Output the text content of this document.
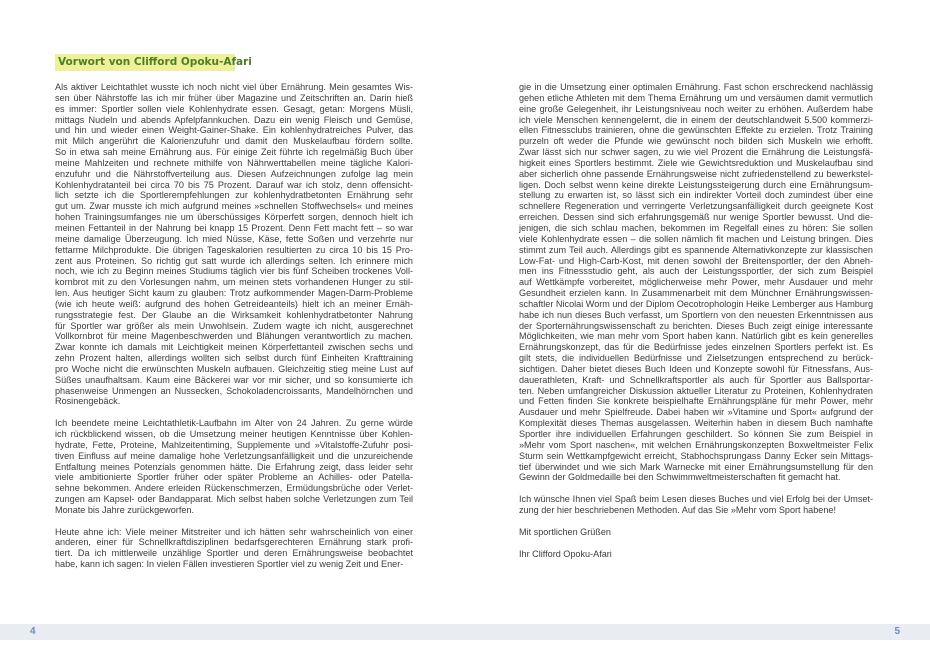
Vorwort von Clifford Opoku-Afari
Als aktiver Leichtathlet wusste ich noch nicht viel über Ernährung. Mein gesamtes Wis-
sen über Nährstoffe las ich mir früher über Magazine und Zeitschriften an. Darin hieß
es immer: Sportler sollen viele Kohlenhydrate essen. Gesagt, getan: Morgens Müsli,
mittags Nudeln und abends Apfelpfannkuchen. Dazu ein wenig Fleisch und Gemüse,
und hin und wieder einen Weight-Gainer-Shake. Ein kohlenhydratreiches Pulver, das
mit Milch angerührt die Kalorienzufuhr und damit den Muskelaufbau fördern sollte.
So in etwa sah meine Ernährung aus. Für einige Zeit führte ich regelmäßig Buch über
meine Mahlzeiten und rechnete mithilfe von Nährwerttabellen meine tägliche Kalori-
enzufuhr und die Nährstoffverteilung aus. Diesen Aufzeichnungen zufolge lag mein
Kohlenhydratanteil bei circa 70 bis 75 Prozent. Darauf war ich stolz, denn offensicht-
lich setzte ich die Sportlerempfehlungen zur kohlenhydratbetonten Ernährung sehr
gut um. Zwar musste ich mich aufgrund meines »schnellen Stoffwechsels« und meines
hohen Trainingsumfanges nie um überschüssiges Körperfett sorgen, dennoch hielt ich
meinen Fettanteil in der Nahrung bei knapp 15 Prozent. Denn Fett macht fett – so war
meine damalige Überzeugung. Ich mied Nüsse, Käse, fette Soßen und verzehrte nur
fettarme Milchprodukte. Die übrigen Tageskalorien resultierten zu circa 10 bis 15 Pro-
zent aus Proteinen. So richtig gut satt wurde ich allerdings selten. Ich erinnere mich
noch, wie ich zu Beginn meines Studiums täglich vier bis fünf Scheiben trockenes Voll-
kornbrot mit zu den Vorlesungen nahm, um meinen stets vorhandenen Hunger zu stil-
len. Aus heutiger Sicht kaum zu glauben: Trotz aufkommender Magen-Darm-Probleme
(wie ich heute weiß: aufgrund des hohen Getreideanteils) hielt ich an meiner Ernäh-
rungsstrategie fest. Der Glaube an die Wirksamkeit kohlenhydratbetonter Nahrung
für Sportler war größer als mein Unwohlsein. Zudem wagte ich nicht, ausgerechnet
Vollkornbrot für meine Magenbeschwerden und Blähungen verantwortlich zu machen.
Zwar konnte ich damals mit Leichtigkeit meinen Körperfettanteil zwischen sechs und
zehn Prozent halten, allerdings wollten sich selbst durch fünf Einheiten Krafttraining
pro Woche nicht die erwünschten Muskeln aufbauen. Gleichzeitig stieg meine Lust auf
Süßes unaufhaltsam. Kaum eine Bäckerei war vor mir sicher, und so konsumierte ich
phasenweise Unmengen an Nussecken, Schokoladencroissants, Mandelhörnchen und
Rosinengebäck.
Ich beendete meine Leichtathletik-Laufbahn im Alter von 24 Jahren. Zu gerne würde
ich rückblickend wissen, ob die Umsetzung meiner heutigen Kenntnisse über Kohlen-
hydrate, Fette, Proteine, Mahlzeitentiming, Supplemente und »Vitalstoffe-Zufuhr posi-
tiven Einfluss auf meine damalige hohe Verletzungsanfälligkeit und die unzureichende
Entfaltung meines Potenzials genommen hätte. Die Erfahrung zeigt, dass leider sehr
viele ambitionierte Sportler früher oder später Probleme an Achilles- oder Patella-
sehne bekommen. Andere erleiden Rückenschmerzen, Ermüdungsbrüche oder Verlet-
zungen am Kapsel- oder Bandapparat. Mich selbst haben solche Verletzungen zum Teil
Monate bis Jahre zurückgeworfen.
Heute ahne ich: Viele meiner Mitstreiter und ich hätten sehr wahrscheinlich von einer
anderen, einer für Schnellkraftdisziplinen bedarfsgerechteren Ernährung stark profi-
tiert. Da ich mittlerweile unzählige Sportler und deren Ernährungsweise beobachtet
habe, kann ich sagen: In vielen Fällen investieren Sportler viel zu wenig Zeit und Ener-
gie in die Umsetzung einer optimalen Ernährung. Fast schon erschreckend nachlässig
gehen etliche Athleten mit dem Thema Ernährung um und versäumen damit vermutlich
eine große Gelegenheit, ihr Leistungsniveau noch weiter zu erhöhen. Außerdem habe
ich viele Menschen kennengelernt, die in einem der deutschlandweit 5.500 kommerzi-
ellen Fitnessclubs trainieren, ohne die gewünschten Effekte zu erzielen. Trotz Training
purzeln oft weder die Pfunde wie gewünscht noch bilden sich Muskeln wie erhofft.
Zwar lässt sich nur schwer sagen, zu wie viel Prozent die Ernährung die Leistungsfä-
higkeit eines Sportlers bestimmt. Ziele wie Gewichtsreduktion und Muskelaufbau sind
aber sicherlich ohne passende Ernährungsweise nicht zufriedenstellend zu bewerkstel-
ligen. Doch selbst wenn keine direkte Leistungssteigerung durch eine Ernährungsum-
stellung zu erwarten ist, so lässt sich ein indirekter Vorteil doch zumindest über eine
schnellere Regeneration und verringerte Verletzungsanfälligkeit durch geeignete Kost
erreichen. Dessen sind sich erfahrungsgemäß nur wenige Sportler bewusst. Und die-
jenigen, die sich schlau machen, bekommen im Regelfall eines zu hören: Sie sollen
viele Kohlenhydrate essen – die sollen nämlich fit machen und Leistung bringen. Dies
stimmt zum Teil auch. Allerdings gibt es spannende Alternativkonzepte zur klassischen
Low-Fat- und High-Carb-Kost, mit denen sowohl der Breitensportler, der den Abneh-
men ins Fitnessstudio geht, als auch der Leistungssportler, der sich zum Beispiel
auf Wettkämpfe vorbereitet, möglicherweise mehr Power, mehr Ausdauer und mehr
Gesundheit erzielen kann. In Zusammenarbeit mit dem Münchner Ernährungswissen-
schaftler Nicolai Worm und der Diplom Oecotrophologin Heike Lemberger aus Hamburg
habe ich nun dieses Buch verfasst, um Sportlern von den neuesten Erkenntnissen aus
der Sporternährungswissenschaft zu berichten. Dieses Buch zeigt einige interessante
Möglichkeiten, wie man mehr vom Sport haben kann. Natürlich gibt es kein generelles
Ernährungskonzept, das für die Bedürfnisse jedes einzelnen Sportlers perfekt ist. Es
gilt stets, die individuellen Bedürfnisse und Zielsetzungen entsprechend zu berück-
sichtigen. Daher bietet dieses Buch Ideen und Konzepte sowohl für Fitnessfans, Aus-
dauerathleten, Kraft- und Schnellkraftsportler als auch für Sportler aus Ballsportar-
ten. Neben umfangreicher Diskussion aktueller Literatur zu Proteinen, Kohlenhydraten
und Fetten finden Sie konkrete beispielhafte Ernährungspläne für mehr Power, mehr
Ausdauer und mehr Spielfreude. Dabei haben wir »Vitamine und Sport« aufgrund der
Komplexität dieses Themas ausgelassen. Weiterhin haben in diesem Buch namhafte
Sportler ihre individuellen Erfahrungen geschildert. So können Sie zum Beispiel in
»Mehr vom Sport naschen«, mit welchen Ernährungskonzepten Boxweltmeister Felix
Sturm sein Wettkampfgewicht erreicht, Stabhochsprungass Danny Ecker sein Mittags-
tief überwindet und wie sich Mark Warnecke mit einer Ernährungsumstellung für den
Gewinn der Goldmedaille bei den Schwimmweltmeisterschaften fit gemacht hat.
Ich wünsche Ihnen viel Spaß beim Lesen dieses Buches und viel Erfolg bei der Umset-
zung der hier beschriebenen Methoden. Auf das Sie »Mehr vom Sport habene!
Mit sportlichen Grüßen
Ihr Clifford Opoku-Afari
4	5
